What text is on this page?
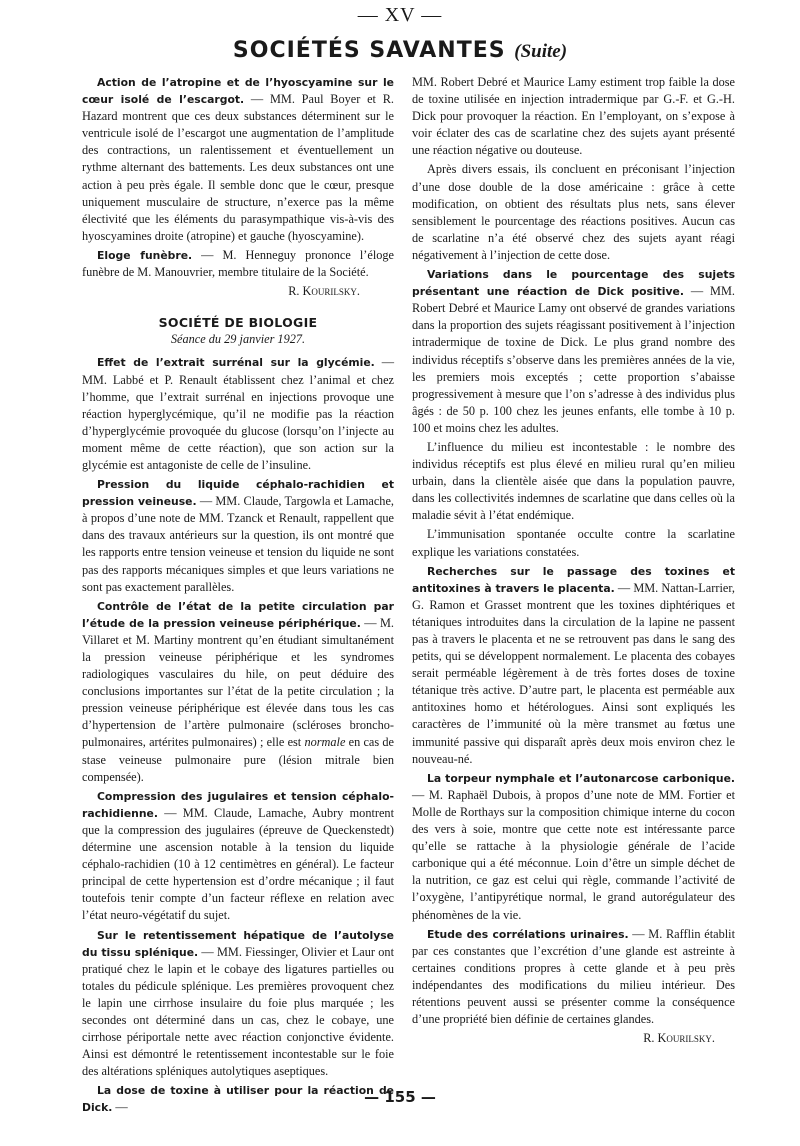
— XV —
SOCIÉTÉS SAVANTES (Suite)

Action de l’atropine et de l’hyoscyamine sur le cœur isolé de l’escargot. — MM. Paul Boyer et R. Hazard montrent que ces deux substances déterminent sur le ventricule isolé de l’escargot une augmentation de l’amplitude des contractions, un ralentissement et éventuellement un rythme alternant des battements. Les deux substances ont une action à peu près égale. Il semble donc que le cœur, presque uniquement musculaire de structure, n’exerce pas la même électivité que les éléments du parasympathique vis-à-vis des hyoscyamines droite (atropine) et gauche (hyoscyamine).

Eloge funèbre. — M. Henneguy prononce l’éloge funèbre de M. Manouvrier, membre titulaire de la Société.

R. Kourilsky.
SOCIÉTÉ DE BIOLOGIE
Séance du 29 janvier 1927.

Effet de l’extrait surrénal sur la glycémie. — MM. Labbé et P. Renault établissent chez l’animal et chez l’homme, que l’extrait surrénal en injections provoque une réaction hyperglycémique, qu’il ne modifie pas la réaction d’hyperglycémie provoquée du glucose (lorsqu’on l’injecte au moment même de cette réaction), que son action sur la glycémie est antagoniste de celle de l’insuline.

Pression du liquide céphalo-rachidien et pression veineuse. — MM. Claude, Targowla et Lamache, à propos d’une note de MM. Tzanck et Renault, rappellent que dans des travaux antérieurs sur la question, ils ont montré que les rapports entre tension veineuse et tension du liquide ne sont pas des rapports mécaniques simples et que leurs variations ne sont pas exactement parallèles.

Contrôle de l’état de la petite circulation par l’étude de la pression veineuse périphérique. — M. Villaret et M. Martiny montrent qu’en étudiant simultanément la pression veineuse périphérique et les syndromes radiologiques vasculaires du hile, on peut déduire des conclusions importantes sur l’état de la petite circulation ; la pression veineuse périphérique est élevée dans tous les cas d’hypertension de l’artère pulmonaire (scléroses broncho-pulmonaires, artérites pulmonaires) ; elle est normale en cas de stase veineuse pulmonaire pure (lésion mitrale bien compensée).

Compression des jugulaires et tension céphalo-rachidienne. — MM. Claude, Lamache, Aubry montrent que la compression des jugulaires (épreuve de Queckenstedt) détermine une ascension notable à la tension du liquide céphalo-rachidien (10 à 12 centimètres en général). Le facteur principal de cette hypertension est d’ordre mécanique ; il faut toutefois tenir compte d’un facteur réflexe en relation avec l’état neuro-végétatif du sujet.

Sur le retentissement hépatique de l’autolyse du tissu splénique. — MM. Fiessinger, Olivier et Laur ont pratiqué chez le lapin et le cobaye des ligatures partielles ou totales du pédicule splénique. Les premières provoquent chez le lapin une cirrhose insulaire du foie plus marquée ; les secondes ont déterminé dans un cas, chez le cobaye, une cirrhose périportale nette avec réaction conjonctive évidente. Ainsi est démontré le retentissement incontestable sur le foie des altérations spléniques autolytiques aseptiques.

La dose de toxine à utiliser pour la réaction de Dick. —

MM. Robert Debré et Maurice Lamy estiment trop faible la dose de toxine utilisée en injection intradermique par G.-F. et G.-H. Dick pour provoquer la réaction. En l’employant, on s’expose à voir éclater des cas de scarlatine chez des sujets ayant présenté une réaction négative ou douteuse.

Après divers essais, ils concluent en préconisant l’injection d’une dose double de la dose américaine : grâce à cette modification, on obtient des résultats plus nets, sans élever sensiblement le pourcentage des réactions positives. Aucun cas de scarlatine n’a été observé chez des sujets ayant réagi négativement à l’injection de cette dose.

Variations dans le pourcentage des sujets présentant une réaction de Dick positive. — MM. Robert Debré et Maurice Lamy ont observé de grandes variations dans la proportion des sujets réagissant positivement à l’injection intradermique de toxine de Dick. Le plus grand nombre des individus réceptifs s’observe dans les premières années de la vie, les premiers mois exceptés ; cette proportion s’abaisse progressivement à mesure que l’on s’adresse à des individus plus âgés : de 50 p. 100 chez les jeunes enfants, elle tombe à 10 p. 100 et moins chez les adultes.

L’influence du milieu est incontestable : le nombre des individus réceptifs est plus élevé en milieu rural qu’en milieu urbain, dans la clientèle aisée que dans la population pauvre, dans les collectivités indemnes de scarlatine que dans celles où la maladie sévit à l’état endémique.

L’immunisation spontanée occulte contre la scarlatine explique les variations constatées.

Recherches sur le passage des toxines et antitoxines à travers le placenta. — MM. Nattan-Larrier, G. Ramon et Grasset montrent que les toxines diphtériques et tétaniques introduites dans la circulation de la lapine ne passent pas à travers le placenta et ne se retrouvent pas dans le sang des petits, qui se développent normalement. Le placenta des cobayes serait perméable légèrement à de très fortes doses de toxine tétanique très active. D’autre part, le placenta est perméable aux antitoxines homo et hétérologues. Ainsi sont expliqués les caractères de l’immunité où la mère transmet au fœtus une immunité passive qui disparaît après deux mois environ chez le nouveau-né.

La torpeur nymphale et l’autonarcose carbonique. — M. Raphaël Dubois, à propos d’une note de MM. Fortier et Molle de Rorthays sur la composition chimique interne du cocon des vers à soie, montre que cette note est intéressante parce qu’elle se rattache à la physiologie générale de l’acide carbonique qui a été méconnue. Loin d’être un simple déchet de la nutrition, ce gaz est celui qui règle, commande l’activité de l’oxygène, l’antipyrétique normal, le grand autorégulateur des phénomènes de la vie.

Etude des corrélations urinaires. — M. Rafflin établit par ces constantes que l’excrétion d’une glande est astreinte à certaines conditions propres à cette glande et à peu près indépendantes des modifications du milieu intérieur. Des rétentions peuvent aussi se présenter comme la conséquence d’une propriété bien définie de certaines glandes.

R. Kourilsky.
— 155 —
